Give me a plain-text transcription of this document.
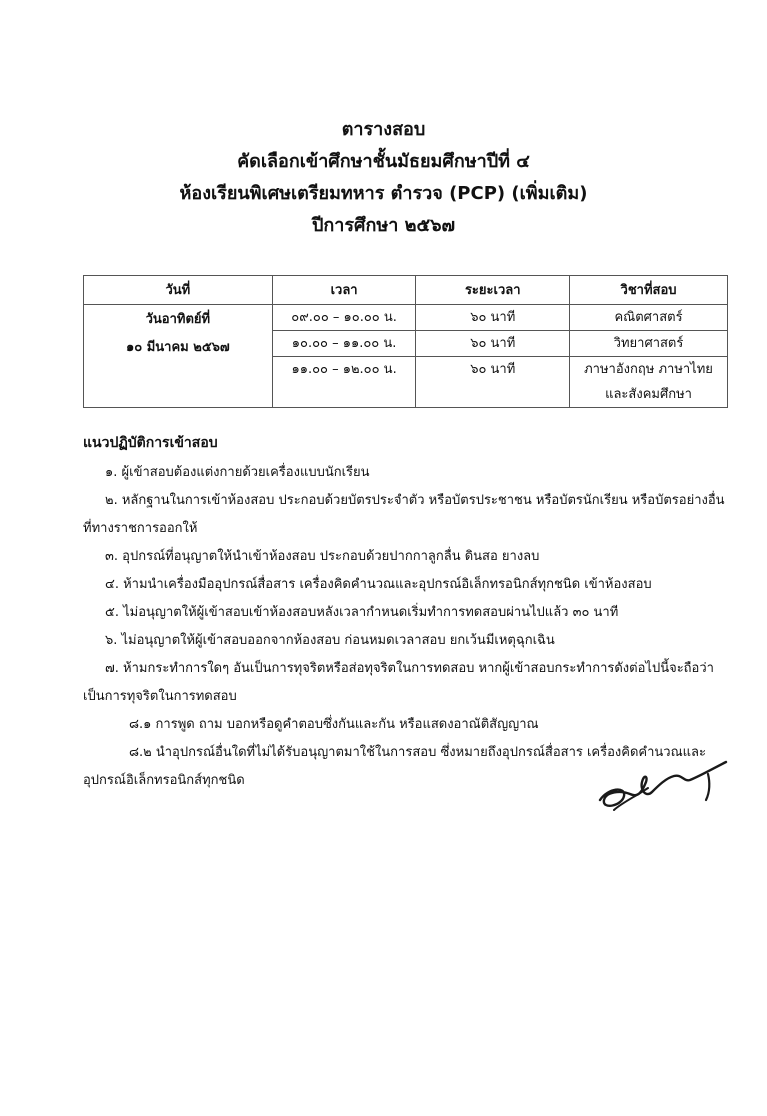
ตารางสอบ
คัดเลือกเข้าศึกษาชั้นมัธยมศึกษาปีที่ ๔
ห้องเรียนพิเศษเตรียมทหาร ตำรวจ (PCP) (เพิ่มเติม)
ปีการศึกษา ๒๕๖๗
วันที่	เวลา	ระยะเวลา	วิชาที่สอบ

วันอาทิตย์ที่
๑๐ มีนาคม ๒๕๖๗	๐๙.๐๐ – ๑๐.๐๐ น.	๖๐ นาที	คณิตศาสตร์
	๑๐.๐๐ – ๑๑.๐๐ น.	๖๐ นาที	วิทยาศาสตร์
	๑๑.๐๐ – ๑๒.๐๐ น.	๖๐ นาที	ภาษาอังกฤษ ภาษาไทย
และสังคมศึกษา
แนวปฏิบัติการเข้าสอบ
๑. ผู้เข้าสอบต้องแต่งกายด้วยเครื่องแบบนักเรียน
๒. หลักฐานในการเข้าห้องสอบ ประกอบด้วยบัตรประจำตัว หรือบัตรประชาชน หรือบัตรนักเรียน หรือบัตรอย่างอื่นที่ทางราชการออกให้
๓. อุปกรณ์ที่อนุญาตให้นำเข้าห้องสอบ ประกอบด้วยปากกาลูกลื่น ดินสอ ยางลบ
๔. ห้ามนำเครื่องมืออุปกรณ์สื่อสาร เครื่องคิดคำนวณและอุปกรณ์อิเล็กทรอนิกส์ทุกชนิด เข้าห้องสอบ
๕. ไม่อนุญาตให้ผู้เข้าสอบเข้าห้องสอบหลังเวลากำหนดเริ่มทำการทดสอบผ่านไปแล้ว ๓๐ นาที
๖. ไม่อนุญาตให้ผู้เข้าสอบออกจากห้องสอบ ก่อนหมดเวลาสอบ ยกเว้นมีเหตุฉุกเฉิน
๗. ห้ามกระทำการใดๆ อันเป็นการทุจริตหรือส่อทุจริตในการทดสอบ หากผู้เข้าสอบกระทำการดังต่อไปนี้จะถือว่าเป็นการทุจริตในการทดสอบ
๘.๑ การพูด ถาม บอกหรือดูคำตอบซึ่งกันและกัน หรือแสดงอาณัติสัญญาณ
๘.๒ นำอุปกรณ์อื่นใดที่ไม่ได้รับอนุญาตมาใช้ในการสอบ ซึ่งหมายถึงอุปกรณ์สื่อสาร เครื่องคิดคำนวณและอุปกรณ์อิเล็กทรอนิกส์ทุกชนิด
